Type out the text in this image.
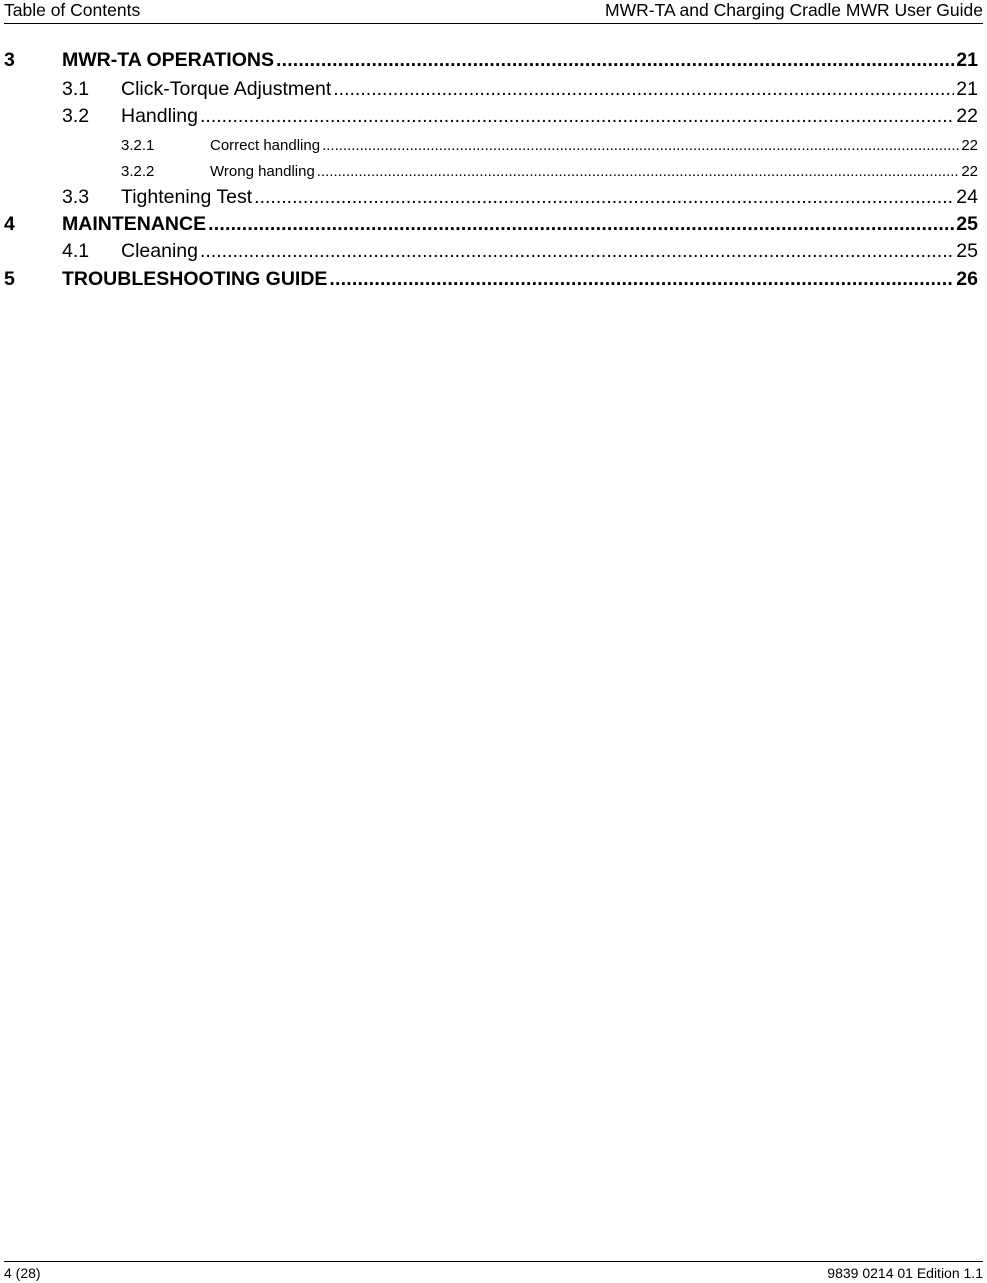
Table of Contents	MWR-TA and Charging Cradle MWR User Guide
3	MWR-TA OPERATIONS .....	21
3.1	Click-Torque Adjustment .....	21
3.2	Handling .....	22
3.2.1	Correct handling .....	22
3.2.2	Wrong handling .....	22
3.3	Tightening Test .....	24
4	MAINTENANCE .....	25
4.1	Cleaning .....	25
5	TROUBLESHOOTING GUIDE .....	26
4 (28)	9839 0214 01 Edition 1.1
